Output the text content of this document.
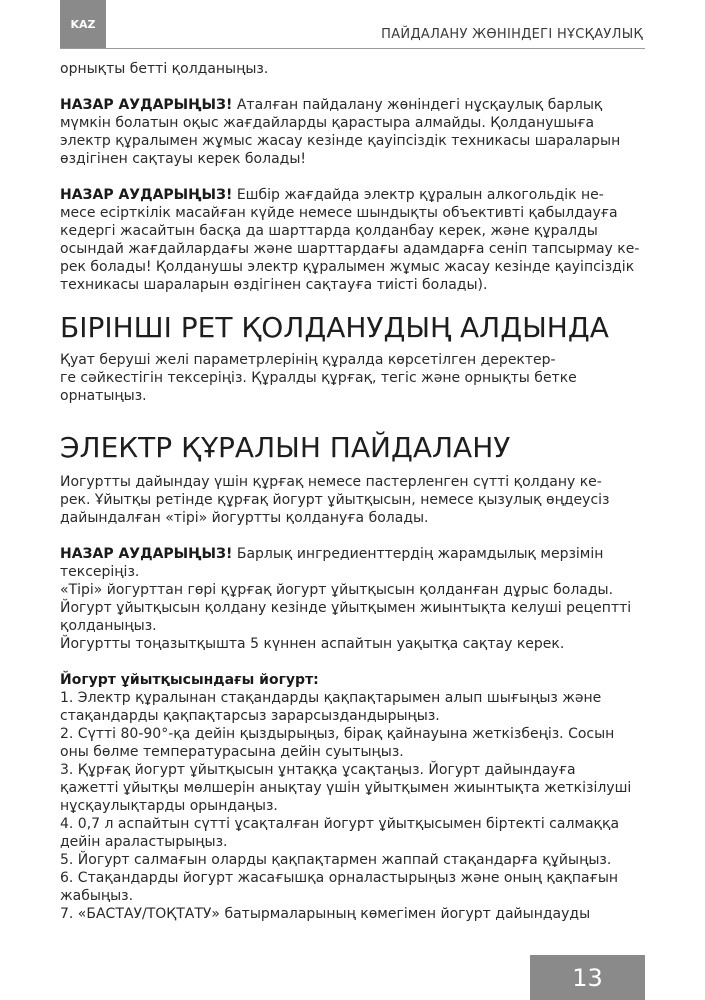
KAZ
ПАЙДАЛАНУ ЖӨНІНДЕГІ НҰСҚАУЛЫҚ

орнықты бетті қолданыңыз.

НАЗАР АУДАРЫҢЫЗ! Аталған пайдалану жөніндегі нұсқаулық барлық

мүмкін болатын оқыс жағдайларды қарастыра алмайды. Қолданушыға

электр құралымен жұмыс жасау кезінде қауіпсіздік техникасы шараларын

өздігінен сақтауы керек болады!

НАЗАР АУДАРЫҢЫЗ! Ешбір жағдайда электр құралын алкогольдік не-

месе есірткілік масайған күйде немесе шындықты объективті қабылдауға

кедергі жасайтын басқа да шарттарда қолданбау керек, және құралды

осындай жағдайлардағы және шарттардағы адамдарға сеніп тапсырмау ке-

рек болады! Қолданушы электр құралымен жұмыс жасау кезінде қауіпсіздік

техникасы шараларын өздігінен сақтауға тиісті болады).

БІРІНШІ РЕТ ҚОЛДАНУДЫҢ АЛДЫНДА

Қуат беруші желі параметрлерінің құралда көрсетілген деректер-

ге сәйкестігін тексеріңіз. Құралды құрғақ, тегіс және орнықты бетке

орнатыңыз.

ЭЛЕКТР ҚҰРАЛЫН ПАЙДАЛАНУ

Иогуртты дайындау үшін құрғақ немесе пастерленген сүтті қолдану ке-

рек. Ұйытқы ретінде құрғақ йогурт ұйытқысын, немесе қызулық өңдеусіз

дайындалған «тірі» йогуртты қолдануға болады.

НАЗАР АУДАРЫҢЫЗ! Барлық ингредиенттердің жарамдылық мерзімін

тексеріңіз.

«Тірі» йогурттан гөрі құрғақ йогурт ұйытқысын қолданған дұрыс болады.

Йогурт ұйытқысын қолдану кезінде ұйытқымен жиынтықта келуші рецептті

қолданыңыз.

Йогуртты тоңазытқышта 5 күннен аспайтын уақытқа сақтау керек.

Йогурт ұйытқысындағы йогурт:

1. Электр құралынан стақандарды қақпақтарымен алып шығыңыз және

стақандарды қақпақтарсыз зарарсыздандырыңыз.

2. Сүтті 80-90°-қа дейін қыздырыңыз, бірақ қайнауына жеткізбеңіз. Сосын

оны бөлме температурасына дейін суытыңыз.

3. Құрғақ йогурт ұйытқысын ұнтаққа ұсақтаңыз. Йогурт дайындауға

қажетті ұйытқы мөлшерін анықтау үшін ұйытқымен жиынтықта жеткізілуші

нұсқаулықтарды орындаңыз.

4. 0,7 л аспайтын сүтті ұсақталған йогурт ұйытқысымен біртекті салмаққа

дейін араластырыңыз.

5. Йогурт салмағын оларды қақпақтармен жаппай стақандарға құйыңыз.

6. Стақандарды йогурт жасағышқа орналастырыңыз және оның қақпағын

жабыңыз.

7. «БАСТАУ/ТОҚТАТУ» батырмаларының көмегімен йогурт дайындауды

13
